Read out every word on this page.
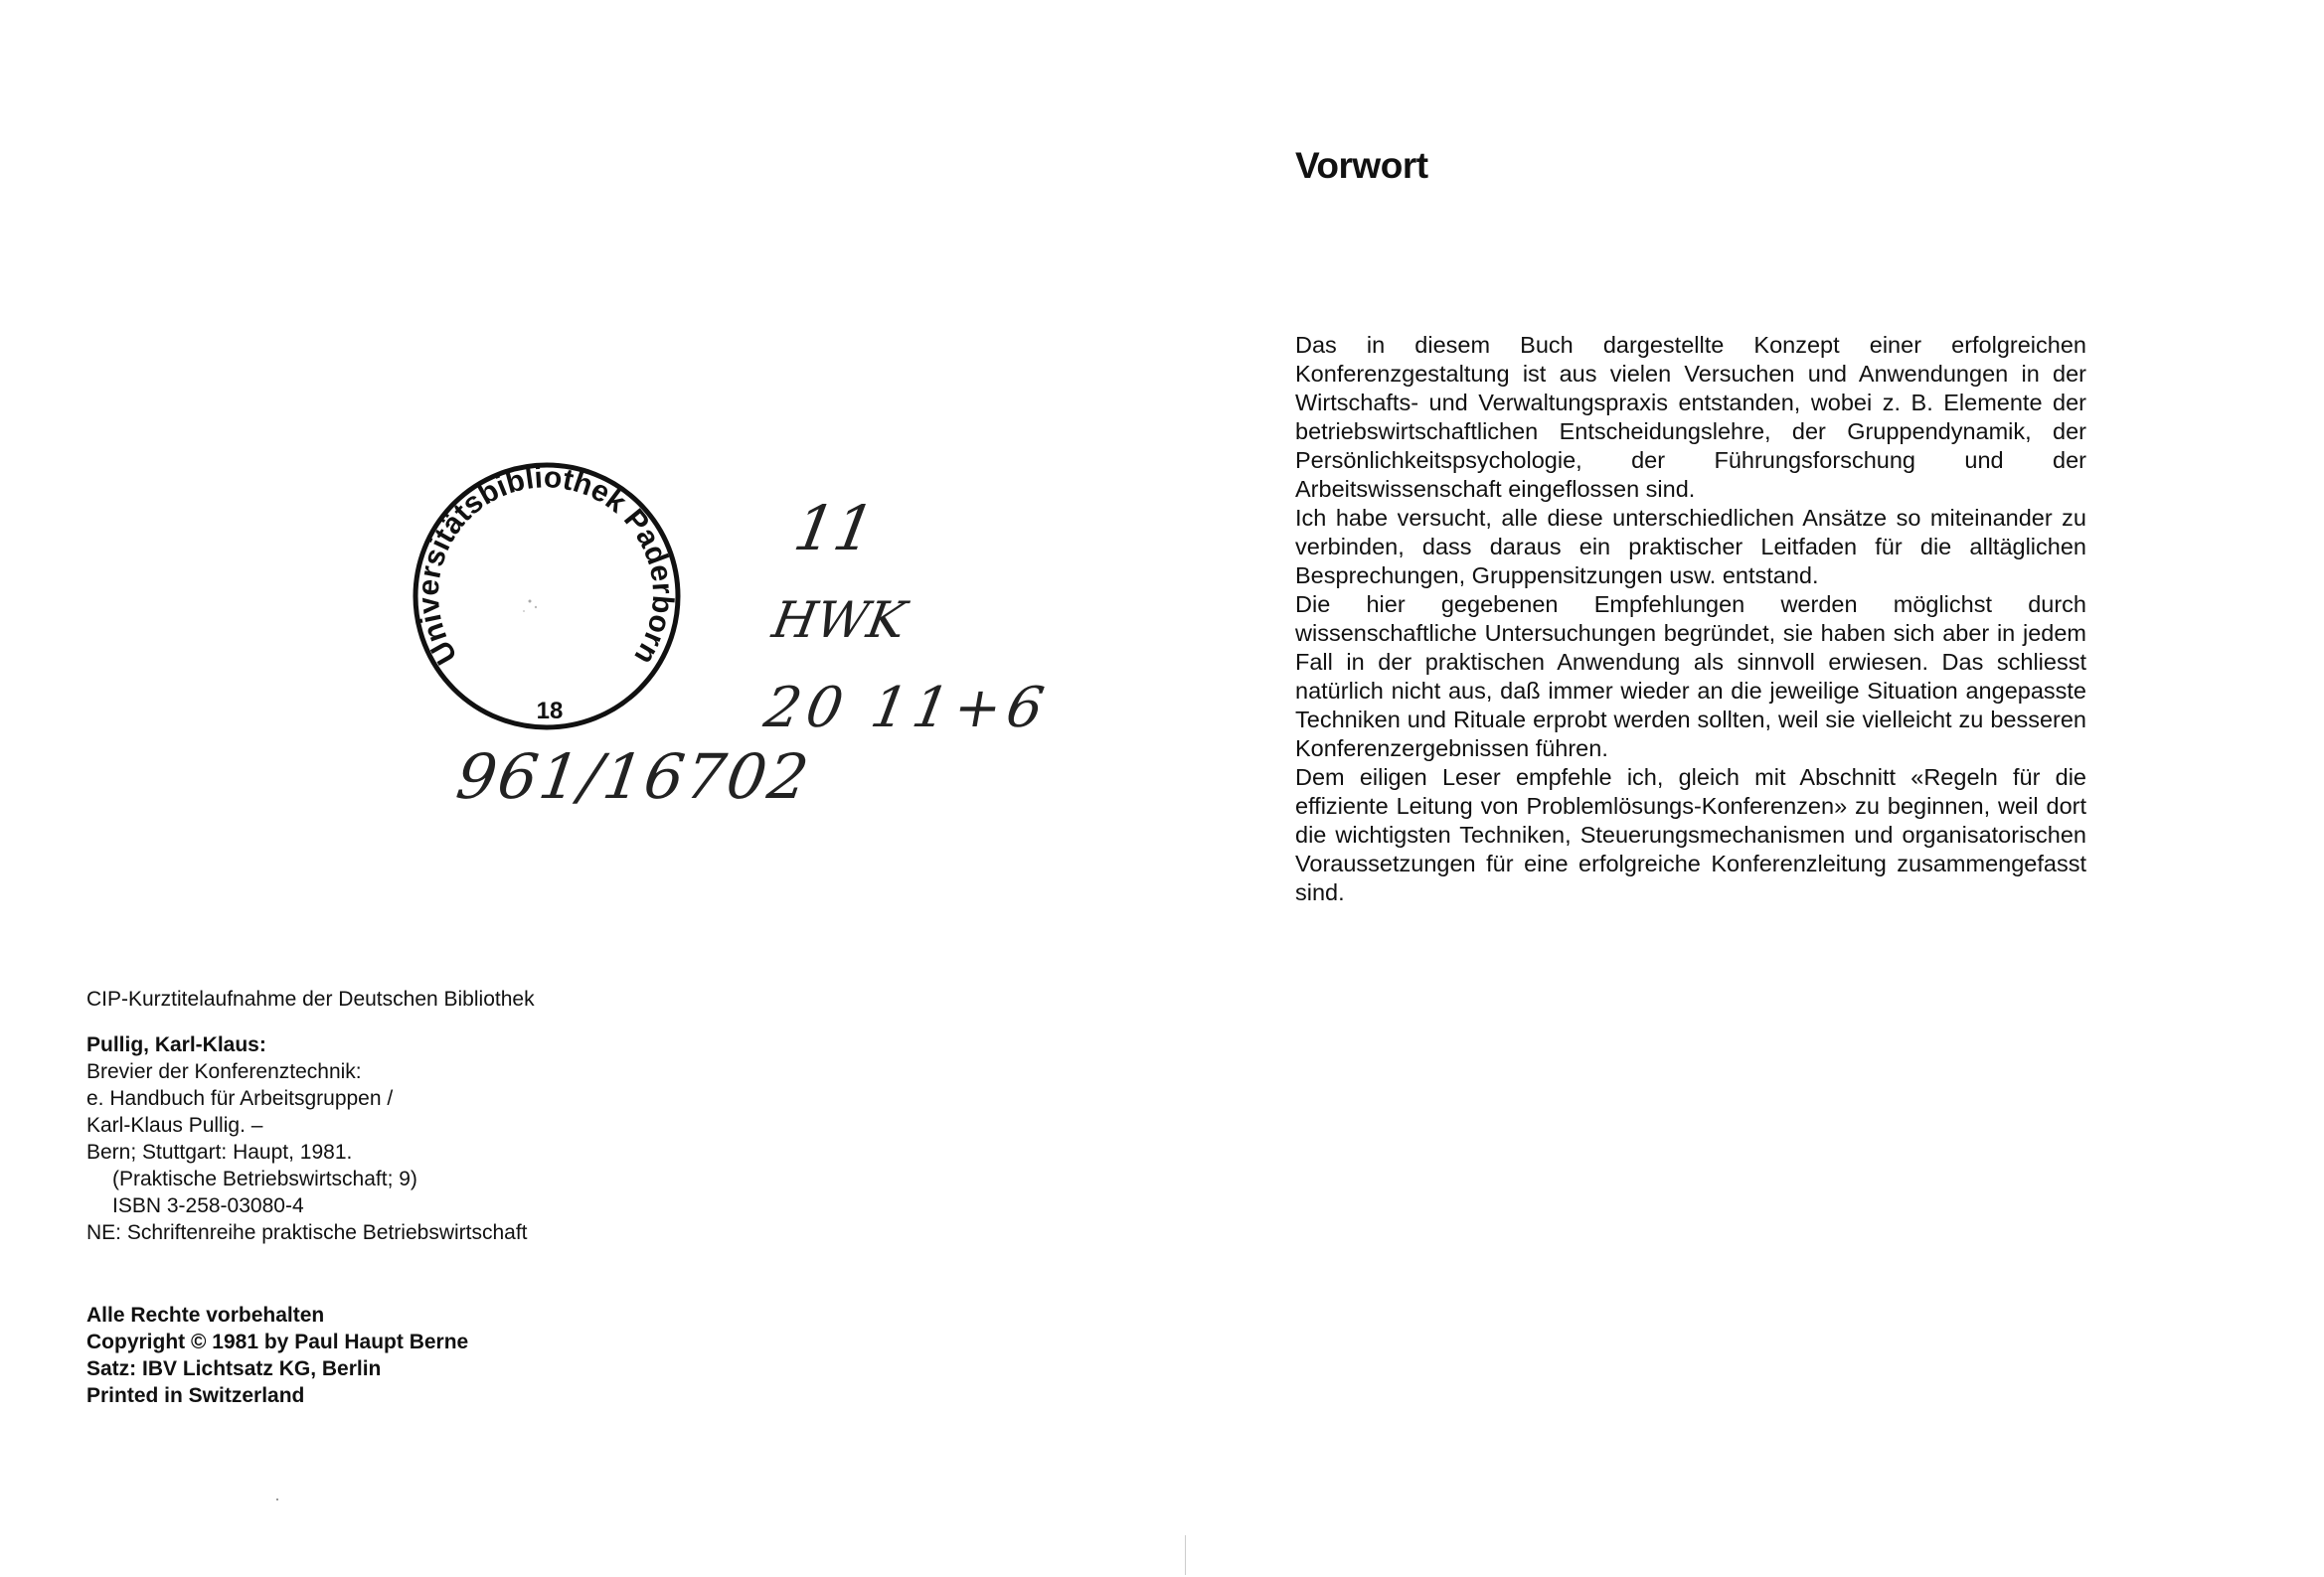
Universitätsbibliothek Paderborn
18
961/16702
11
HWK
20 11+6
CIP-Kurztitelaufnahme der Deutschen Bibliothek
Pullig, Karl-Klaus:
Brevier der Konferenztechnik:
e. Handbuch für Arbeitsgruppen /
Karl-Klaus Pullig. –
Bern; Stuttgart: Haupt, 1981.
(Praktische Betriebswirtschaft; 9)
ISBN 3-258-03080-4
NE: Schriftenreihe praktische Betriebswirtschaft
Alle Rechte vorbehalten
Copyright © 1981 by Paul Haupt Berne
Satz: IBV Lichtsatz KG, Berlin
Printed in Switzerland
Vorwort

Das in diesem Buch dargestellte Konzept einer erfolgreichen Konferenzgestaltung ist aus vielen Versuchen und Anwendungen in der Wirtschafts- und Verwaltungspraxis entstanden, wobei z. B. Elemente der betriebswirtschaftlichen Entscheidungslehre, der Gruppendynamik, der Persönlichkeitspsychologie, der Führungsforschung und der Arbeitswissenschaft eingeflossen sind.

Ich habe versucht, alle diese unterschiedlichen Ansätze so miteinander zu verbinden, dass daraus ein praktischer Leitfaden für die alltäglichen Besprechungen, Gruppensitzungen usw. entstand.

Die hier gegebenen Empfehlungen werden möglichst durch wissenschaftliche Untersuchungen begründet, sie haben sich aber in jedem Fall in der praktischen Anwendung als sinnvoll erwiesen. Das schliesst natürlich nicht aus, daß immer wieder an die jeweilige Situation angepasste Techniken und Rituale erprobt werden sollten, weil sie vielleicht zu besseren Konferenzergebnissen führen.

Dem eiligen Leser empfehle ich, gleich mit Abschnitt «Regeln für die effiziente Leitung von Problemlösungs-Konferenzen» zu beginnen, weil dort die wichtigsten Techniken, Steuerungsmechanismen und organisatorischen Voraussetzungen für eine erfolgreiche Konferenzleitung zusammengefasst sind.
